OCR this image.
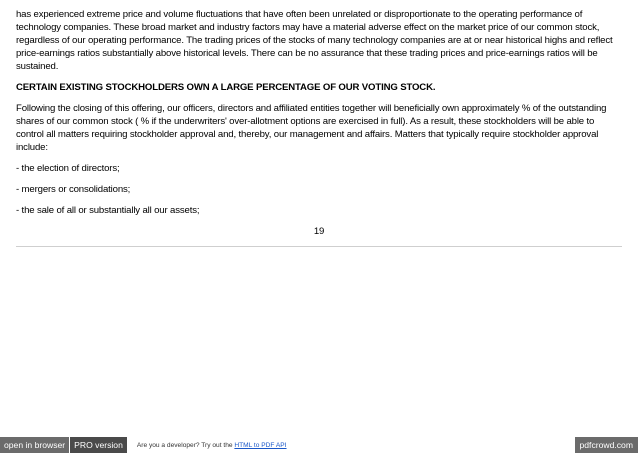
has experienced extreme price and volume fluctuations that have often been unrelated or disproportionate to the operating performance of technology companies. These broad market and industry factors may have a material adverse effect on the market price of our common stock, regardless of our operating performance. The trading prices of the stocks of many technology companies are at or near historical highs and reflect price-earnings ratios substantially above historical levels. There can be no assurance that these trading prices and price-earnings ratios will be sustained.

CERTAIN EXISTING STOCKHOLDERS OWN A LARGE PERCENTAGE OF OUR VOTING STOCK.

Following the closing of this offering, our officers, directors and affiliated entities together will beneficially own approximately % of the outstanding shares of our common stock ( % if the underwriters' over-allotment options are exercised in full). As a result, these stockholders will be able to control all matters requiring stockholder approval and, thereby, our management and affairs. Matters that typically require stockholder approval include:

- the election of directors;

- mergers or consolidations;

- the sale of all or substantially all our assets;

19
open in browser	PRO version	Are you a developer? Try out the
HTML to PDF API	pdfcrowd.com
